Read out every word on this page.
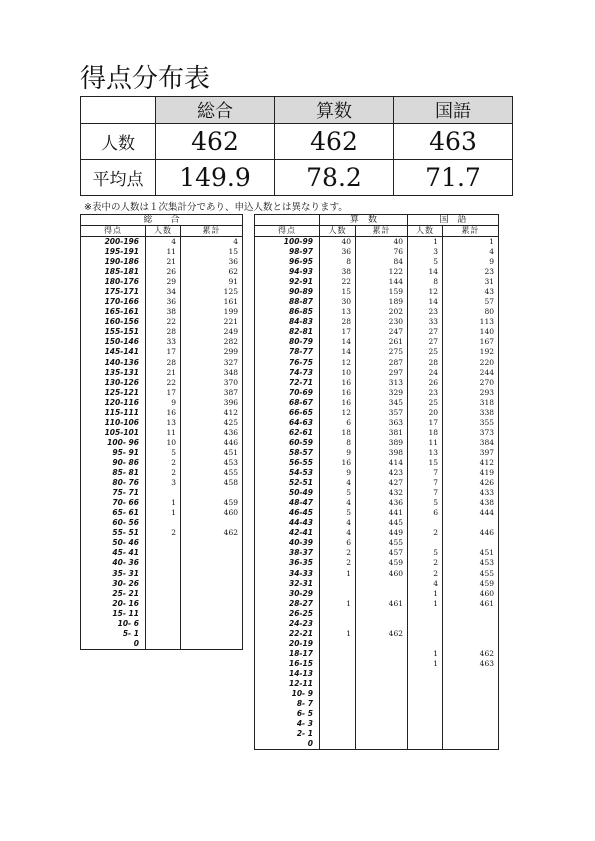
得点分布表
	総合	算数	国語
人数	462	462	463
平均点	149.9	78.2	71.7
※表中の人数は１次集計分であり、申込人数とは異なります。
総　　合		
得点	人数	累計
200-196	4	4
195-191	11	15
190-186	21	36
185-181	26	62
180-176	29	91
175-171	34	125
170-166	36	161
165-161	38	199
160-156	22	221
155-151	28	249
150-146	33	282
145-141	17	299
140-136	28	327
135-131	21	348
130-126	22	370
125-121	17	387
120-116	9	396
115-111	16	412
110-106	13	425
105-101	11	436
100- 96	10	446
95- 91	5	451
90- 86	2	453
85- 81	2	455
80- 76	3	458
75- 71		
70- 66	1	459
65- 61	1	460
60- 56		
55- 51	2	462
50- 46		
45- 41		
40- 36		
35- 31		
30- 26		
25- 21		
20- 16		
15- 11		
10- 6		
5- 1		
0		
	算　数		国　語	
得点	人数	累計	人数	累計
100-99	40	40	1	1
98-97	36	76	3	4
96-95	8	84	5	9
94-93	38	122	14	23
92-91	22	144	8	31
90-89	15	159	12	43
88-87	30	189	14	57
86-85	13	202	23	80
84-83	28	230	33	113
82-81	17	247	27	140
80-79	14	261	27	167
78-77	14	275	25	192
76-75	12	287	28	220
74-73	10	297	24	244
72-71	16	313	26	270
70-69	16	329	23	293
68-67	16	345	25	318
66-65	12	357	20	338
64-63	6	363	17	355
62-61	18	381	18	373
60-59	8	389	11	384
58-57	9	398	13	397
56-55	16	414	15	412
54-53	9	423	7	419
52-51	4	427	7	426
50-49	5	432	7	433
48-47	4	436	5	438
46-45	5	441	6	444
44-43	4	445		
42-41	4	449	2	446
40-39	6	455		
38-37	2	457	5	451
36-35	2	459	2	453
34-33	1	460	2	455
32-31			4	459
30-29			1	460
28-27	1	461	1	461
26-25				
24-23				
22-21	1	462		
20-19				
18-17			1	462
16-15			1	463
14-13				
12-11				
10- 9				
8- 7				
6- 5				
4- 3				
2- 1				
0				
